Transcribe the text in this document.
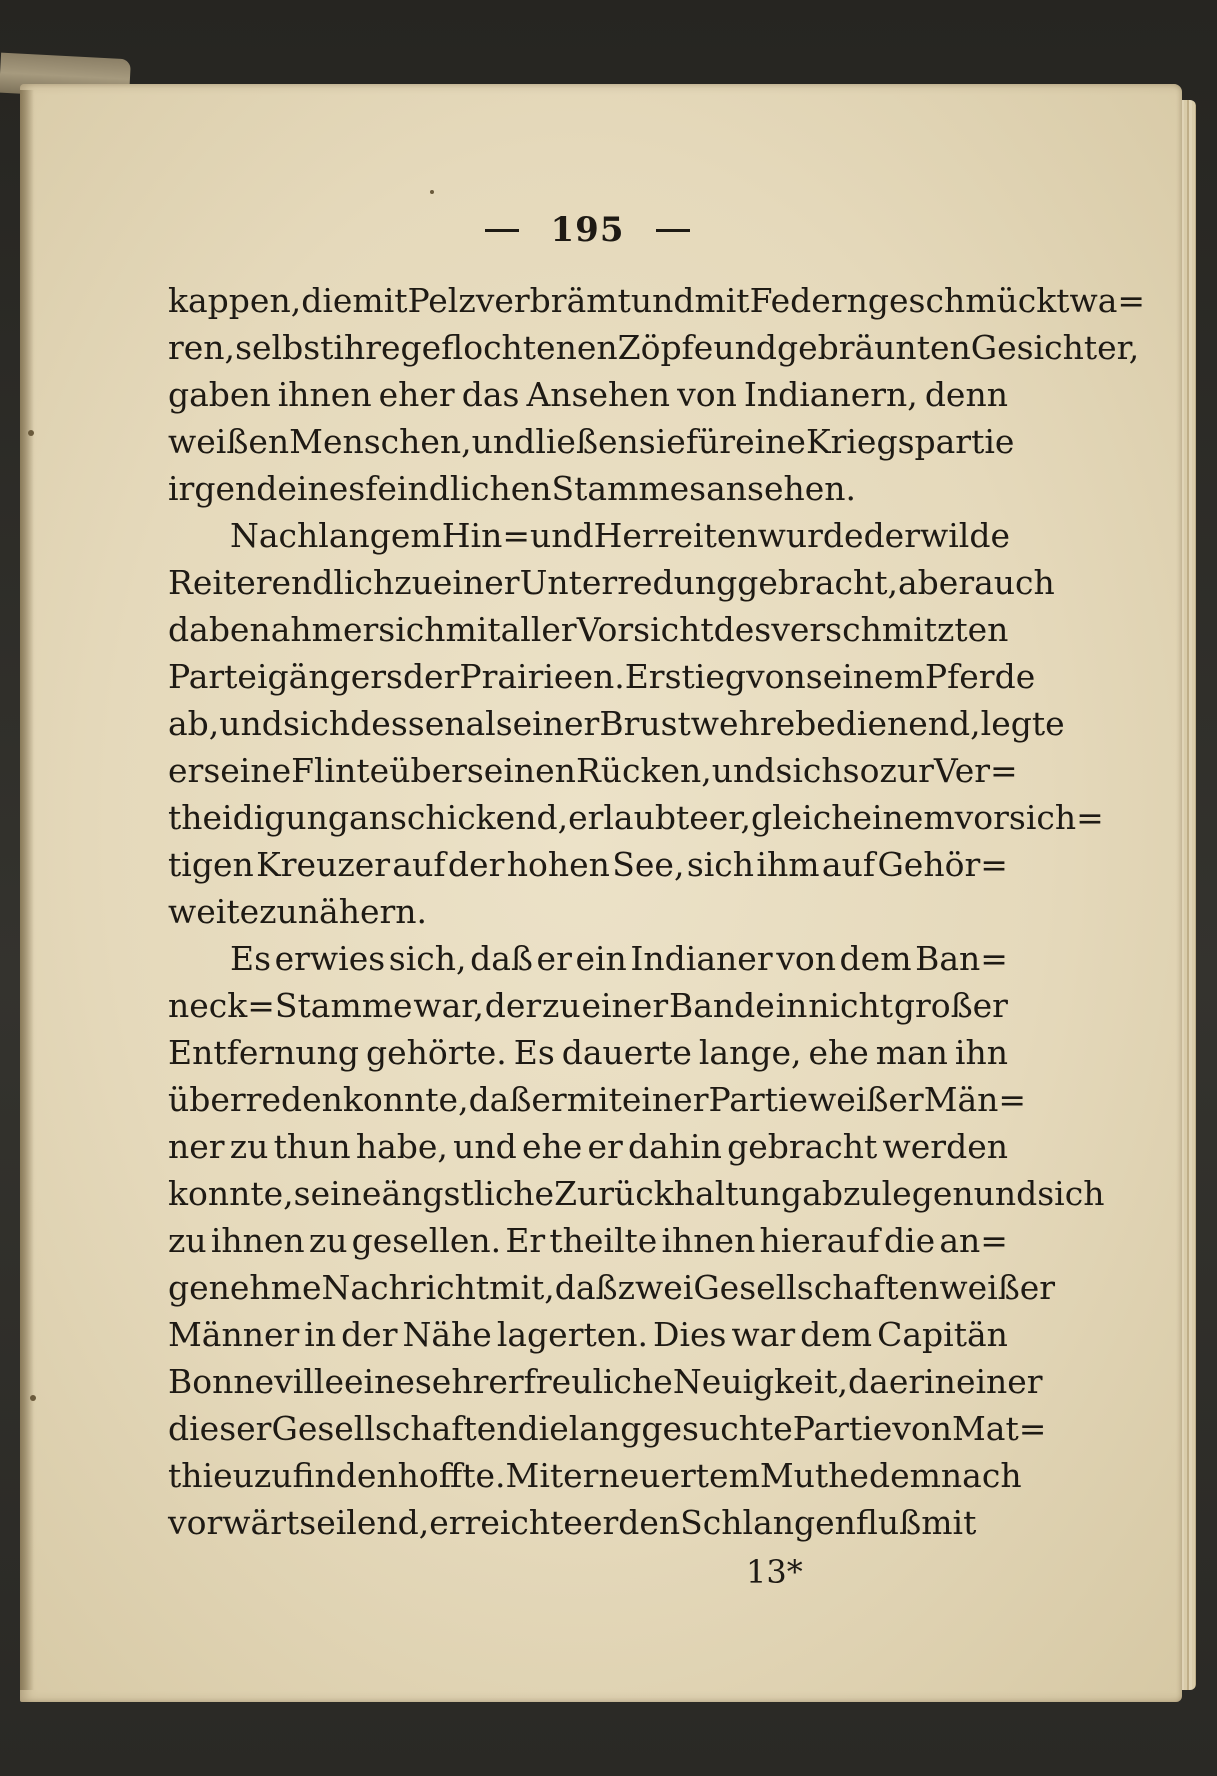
195
kappen, die mit Pelz verbrämt und mit Federn geschmückt wa=
ren, selbst ihre geflochtenen Zöpfe und gebräunten Gesichter,
gaben ihnen eher das Ansehen von Indianern, denn
weißen Menschen, und ließen sie für eine Kriegspartie
irgend eines feindlichen Stammes ansehen.
Nach langem Hin= und Herreiten wurde der wilde
Reiter endlich zu einer Unterredung gebracht, aber auch
da benahm er sich mit aller Vorsicht des verschmitzten
Parteigängers der Prairieen. Er stieg von seinem Pferde
ab, und sich dessen als einer Brustwehre bedienend, legte
er seine Flinte über seinen Rücken, und sich so zur Ver=
theidigung anschickend, erlaubte er, gleich einem vorsich=
tigen Kreuzer auf der hohen See, sich ihm auf Gehör=
weite zu nähern.
Es erwies sich, daß er ein Indianer von dem Ban=
neck=Stamme war, der zu einer Bande in nicht großer
Entfernung gehörte. Es dauerte lange, ehe man ihn
überreden konnte, daß er mit einer Partie weißer Män=
ner zu thun habe, und ehe er dahin gebracht werden
konnte, seine ängstliche Zurückhaltung abzulegen und sich
zu ihnen zu gesellen. Er theilte ihnen hierauf die an=
genehme Nachricht mit, daß zwei Gesellschaften weißer
Männer in der Nähe lagerten. Dies war dem Capitän
Bonneville eine sehr erfreuliche Neuigkeit, da er in einer
dieser Gesellschaften die lang gesuchte Partie von Mat=
thieu zu finden hoffte. Mit erneuertem Muthe demnach
vorwärts eilend, erreichte er den Schlangenfluß mit
13*
